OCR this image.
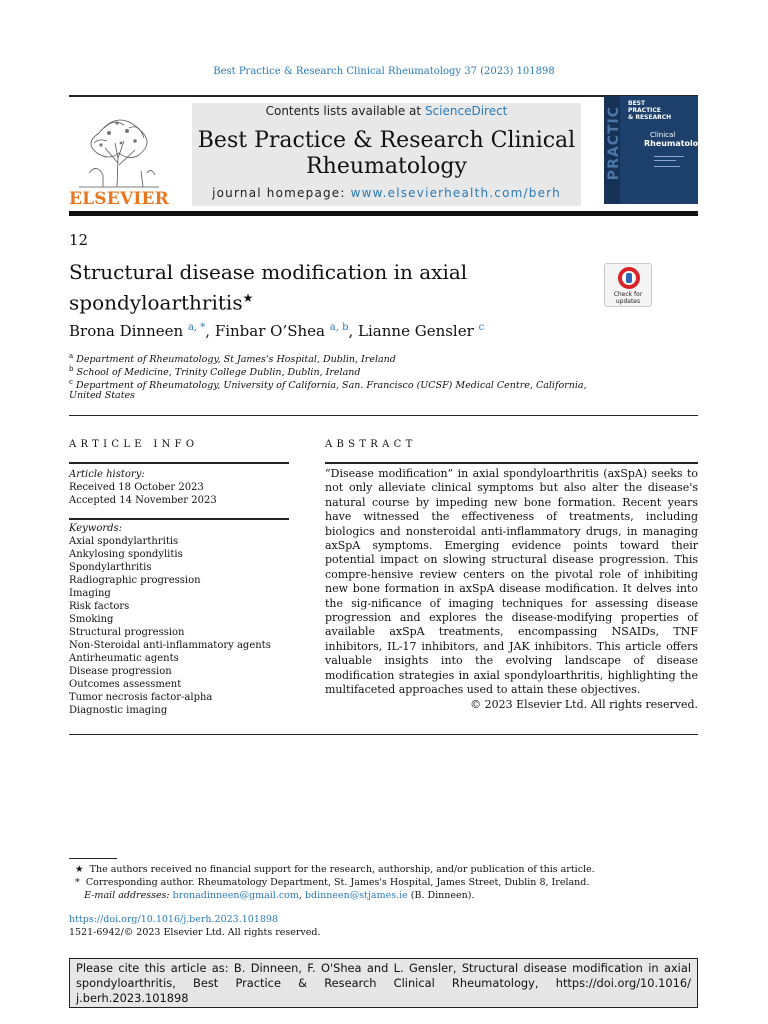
Best Practice & Research Clinical Rheumatology 37 (2023) 101898
ELSEVIER
Contents lists available at ScienceDirect
Best Practice & Research Clinical
Rheumatology
journal homepage: www.elsevierhealth.com/berh
PRACTIC
BEST
PRACTICE
& RESEARCH
Clinical
Rheumatology
12
Structural disease modification in axial
spondyloarthritis★	Check for
updates
Brona Dinneen $^{a, *}$, Finbar O’Shea $^{a, b}$, Lianne Gensler $^c$
$^a$ Department of Rheumatology, St James's Hospital, Dublin, Ireland
$^b$ School of Medicine, Trinity College Dublin, Dublin, Ireland
$^c$ Department of Rheumatology, University of California, San. Francisco (UCSF) Medical Centre, California,
United States
ARTICLE INFO	ABSTRACT
Article history:
Received 18 October 2023
Accepted 14 November 2023
Keywords:
Axial spondylarthritis
Ankylosing spondylitis
Spondylarthritis
Radiographic progression
Imaging
Risk factors
Smoking
Structural progression
Non-Steroidal anti-inflammatory agents
Antirheumatic agents
Disease progression
Outcomes assessment
Tumor necrosis factor-alpha
Diagnostic imaging
“Disease modification” in axial spondyloarthritis (axSpA) seeks to not only alleviate clinical symptoms but also alter the disease's natural course by impeding new bone formation. Recent years have witnessed the effectiveness of treatments, including biologics and nonsteroidal anti-inflammatory drugs, in managing axSpA symptoms. Emerging evidence points toward their potential impact on slowing structural disease progression. This compre-hensive review centers on the pivotal role of inhibiting new bone formation in axSpA disease modification. It delves into the sig-nificance of imaging techniques for assessing disease progression and explores the disease-modifying properties of available axSpA treatments, encompassing NSAIDs, TNF inhibitors, IL-17 inhibitors, and JAK inhibitors. This article offers valuable insights into the evolving landscape of disease modification strategies in axial spondyloarthritis, highlighting the multifaceted approaches used to attain these objectives.
© 2023 Elsevier Ltd. All rights reserved.
★ The authors received no financial support for the research, authorship, and/or publication of this article.
* Corresponding author. Rheumatology Department, St. James's Hospital, James Street, Dublin 8, Ireland.
E-mail addresses: bronadinneen@gmail.com, bdinneen@stjames.ie (B. Dinneen).
https://doi.org/10.1016/j.berh.2023.101898
1521-6942/© 2023 Elsevier Ltd. All rights reserved.
Please cite this article as: B. Dinneen, F. O'Shea and L. Gensler, Structural disease modification in axial spondyloarthritis, Best Practice & Research Clinical Rheumatology, https://doi.org/10.1016/ j.berh.2023.101898
